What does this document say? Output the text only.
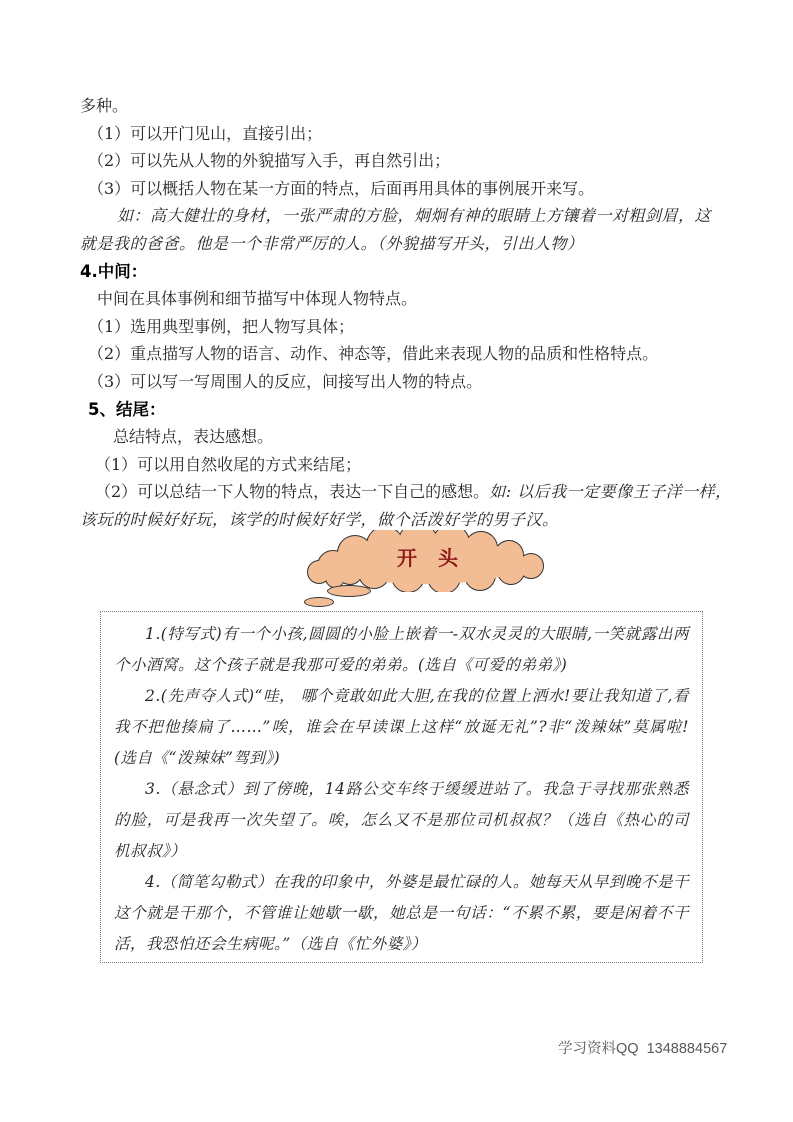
多种。
（1）可以开门见山，直接引出；
（2）可以先从人物的外貌描写入手，再自然引出；
（3）可以概括人物在某一方面的特点，后面再用具体的事例展开来写。
如：高大健壮的身材，一张严肃的方脸，炯炯有神的眼睛上方镶着一对粗剑眉，这
就是我的爸爸。他是一个非常严厉的人。（外貌描写开头，引出人物）
4.中间：
中间在具体事例和细节描写中体现人物特点。
（1）选用典型事例，把人物写具体；
（2）重点描写人物的语言、动作、神态等，借此来表现人物的品质和性格特点。
（3）可以写一写周围人的反应，间接写出人物的特点。
5、结尾：
总结特点，表达感想。
（1）可以用自然收尾的方式来结尾；
（2）可以总结一下人物的特点，表达一下自己的感想。如: 以后我一定要像王子洋一样，
该玩的时候好好玩，该学的时候好好学，做个活泼好学的男子汉。
开 头

1.(特写式)有一个小孩,圆圆的小脸上嵌着一-双水灵灵的大眼睛,一笑就露出两个小酒窝。这个孩子就是我那可爱的弟弟。(选自《可爱的弟弟》)

2.(先声夺人式)“哇， 哪个竟敢如此大胆,在我的位置上洒水!要让我知道了,看我不把他揍扁了……”唉，谁会在早读课上这样“放诞无礼”?非“泼辣妹”莫属啦!(选自《“泼辣妹”驾到》)

3.（悬念式）到了傍晚，14路公交车终于缓缓进站了。我急于寻找那张熟悉的脸，可是我再一次失望了。唉，怎么又不是那位司机叔叔？（选自《热心的司机叔叔》）

4.（简笔勾勒式）在我的印象中，外婆是最忙碌的人。她每天从早到晚不是干这个就是干那个，不管谁让她歇一歇，她总是一句话：“不累不累，要是闲着不干活，我恐怕还会生病呢。”（选自《忙外婆》）

学习资料QQ  1348884567
